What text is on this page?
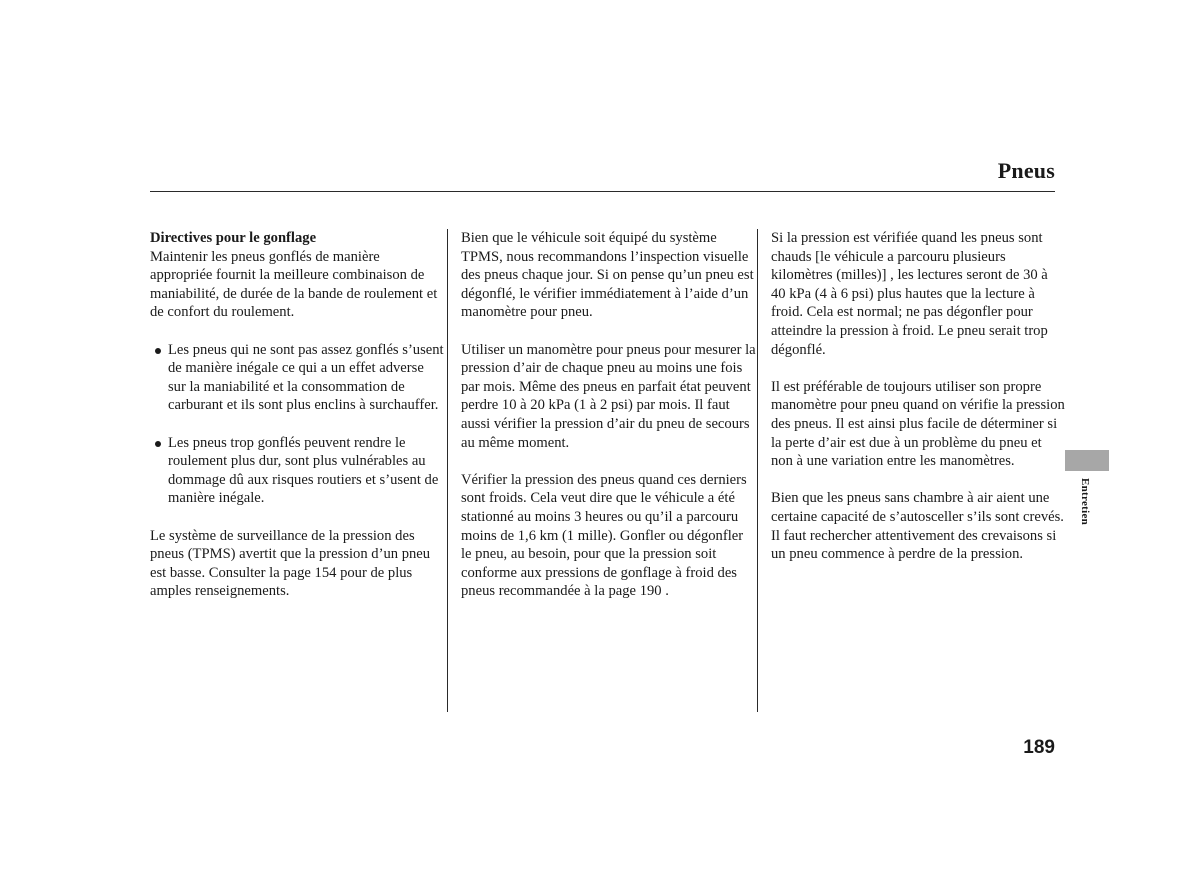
Pneus

Directives pour le gonflage
Maintenir les pneus gonflés de manière appropriée fournit la meilleure combinaison de maniabilité, de durée de la bande de roulement et de confort du roulement.

Les pneus qui ne sont pas assez gonflés s’usent de manière inégale ce qui a un effet adverse sur la maniabilité et la consommation de carburant et ils sont plus enclins à surchauffer.
Les pneus trop gonflés peuvent rendre le roulement plus dur, sont plus vulnérables au dommage dû aux risques routiers et s’usent de manière inégale.

Le système de surveillance de la pression des pneus (TPMS) avertit que la pression d’un pneu est basse. Consulter la page 154 pour de plus amples renseignements.

Bien que le véhicule soit équipé du système TPMS, nous recommandons l’inspection visuelle des pneus chaque jour. Si on pense qu’un pneu est dégonflé, le vérifier immédiatement à l’aide d’un manomètre pour pneu.

Utiliser un manomètre pour pneus pour mesurer la pression d’air de chaque pneu au moins une fois par mois. Même des pneus en parfait état peuvent perdre 10 à 20 kPa (1 à 2 psi) par mois. Il faut aussi vérifier la pression d’air du pneu de secours au même moment.

Vérifier la pression des pneus quand ces derniers sont froids. Cela veut dire que le véhicule a été stationné au moins 3 heures ou qu’il a parcouru moins de 1,6 km (1 mille). Gonfler ou dégonfler le pneu, au besoin, pour que la pression soit conforme aux pressions de gonflage à froid des pneus recommandée à la page 190 .

Si la pression est vérifiée quand les pneus sont chauds [le véhicule a parcouru plusieurs kilomètres (milles)] , les lectures seront de 30 à 40 kPa (4 à 6 psi) plus hautes que la lecture à froid. Cela est normal; ne pas dégonfler pour atteindre la pression à froid. Le pneu serait trop dégonflé.

Il est préférable de toujours utiliser son propre manomètre pour pneu quand on vérifie la pression des pneus. Il est ainsi plus facile de déterminer si la perte d’air est due à un problème du pneu et non à une variation entre les manomètres.

Bien que les pneus sans chambre à air aient une certaine capacité de s’autosceller s’ils sont crevés. Il faut rechercher attentivement des crevaisons si un pneu commence à perdre de la pression.

Entretien
189
